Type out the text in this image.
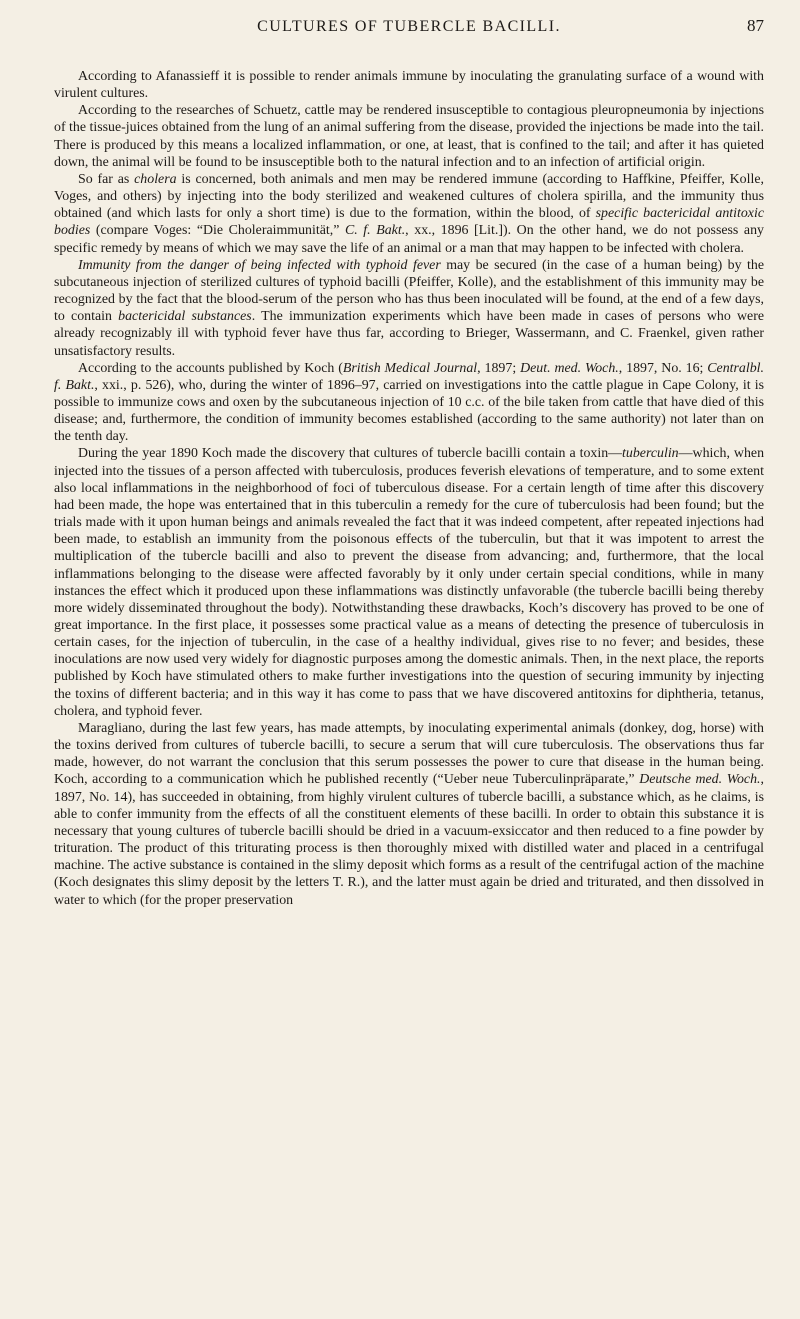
CULTURES OF TUBERCLE BACILLI.	87

According to Afanassieff it is possible to render animals immune by inoculating the granulating surface of a wound with virulent cultures.

According to the researches of Schuetz, cattle may be rendered insusceptible to contagious pleuropneumonia by injections of the tissue-juices obtained from the lung of an animal suffering from the disease, provided the injections be made into the tail. There is produced by this means a localized inflammation, or one, at least, that is confined to the tail; and after it has quieted down, the animal will be found to be insusceptible both to the natural infection and to an infection of artificial origin.

So far as cholera is concerned, both animals and men may be rendered immune (according to Haffkine, Pfeiffer, Kolle, Voges, and others) by injecting into the body sterilized and weakened cultures of cholera spirilla, and the immunity thus obtained (and which lasts for only a short time) is due to the formation, within the blood, of specific bactericidal antitoxic bodies (compare Voges: “Die Choleraimmunität,” C. f. Bakt., xx., 1896 [Lit.]). On the other hand, we do not possess any specific remedy by means of which we may save the life of an animal or a man that may happen to be infected with cholera.

Immunity from the danger of being infected with typhoid fever may be secured (in the case of a human being) by the subcutaneous injection of sterilized cultures of typhoid bacilli (Pfeiffer, Kolle), and the establishment of this immunity may be recognized by the fact that the blood-serum of the person who has thus been inoculated will be found, at the end of a few days, to contain bactericidal substances. The immunization experiments which have been made in cases of persons who were already recognizably ill with typhoid fever have thus far, according to Brieger, Wassermann, and C. Fraenkel, given rather unsatisfactory results.

According to the accounts published by Koch (British Medical Journal, 1897; Deut. med. Woch., 1897, No. 16; Centralbl. f. Bakt., xxi., p. 526), who, during the winter of 1896–97, carried on investigations into the cattle plague in Cape Colony, it is possible to immunize cows and oxen by the subcutaneous injection of 10 c.c. of the bile taken from cattle that have died of this disease; and, furthermore, the condition of immunity becomes established (according to the same authority) not later than on the tenth day.

During the year 1890 Koch made the discovery that cultures of tubercle bacilli contain a toxin—tuberculin—which, when injected into the tissues of a person affected with tuberculosis, produces feverish elevations of temperature, and to some extent also local inflammations in the neighborhood of foci of tuberculous disease. For a certain length of time after this discovery had been made, the hope was entertained that in this tuberculin a remedy for the cure of tuberculosis had been found; but the trials made with it upon human beings and animals revealed the fact that it was indeed competent, after repeated injections had been made, to establish an immunity from the poisonous effects of the tuberculin, but that it was impotent to arrest the multiplication of the tubercle bacilli and also to prevent the disease from advancing; and, furthermore, that the local inflammations belonging to the disease were affected favorably by it only under certain special conditions, while in many instances the effect which it produced upon these inflammations was distinctly unfavorable (the tubercle bacilli being thereby more widely disseminated throughout the body). Notwithstanding these drawbacks, Koch’s discovery has proved to be one of great importance. In the first place, it possesses some practical value as a means of detecting the presence of tuberculosis in certain cases, for the injection of tuberculin, in the case of a healthy individual, gives rise to no fever; and besides, these inoculations are now used very widely for diagnostic purposes among the domestic animals. Then, in the next place, the reports published by Koch have stimulated others to make further investigations into the question of securing immunity by injecting the toxins of different bacteria; and in this way it has come to pass that we have discovered antitoxins for diphtheria, tetanus, cholera, and typhoid fever.

Maragliano, during the last few years, has made attempts, by inoculating experimental animals (donkey, dog, horse) with the toxins derived from cultures of tubercle bacilli, to secure a serum that will cure tuberculosis. The observations thus far made, however, do not warrant the conclusion that this serum possesses the power to cure that disease in the human being. Koch, according to a communication which he published recently (“Ueber neue Tuberculinpräparate,” Deutsche med. Woch., 1897, No. 14), has succeeded in obtaining, from highly virulent cultures of tubercle bacilli, a substance which, as he claims, is able to confer immunity from the effects of all the constituent elements of these bacilli. In order to obtain this substance it is necessary that young cultures of tubercle bacilli should be dried in a vacuum-exsiccator and then reduced to a fine powder by trituration. The product of this triturating process is then thoroughly mixed with distilled water and placed in a centrifugal machine. The active substance is contained in the slimy deposit which forms as a result of the centrifugal action of the machine (Koch designates this slimy deposit by the letters T. R.), and the latter must again be dried and triturated, and then dissolved in water to which (for the proper preservation
